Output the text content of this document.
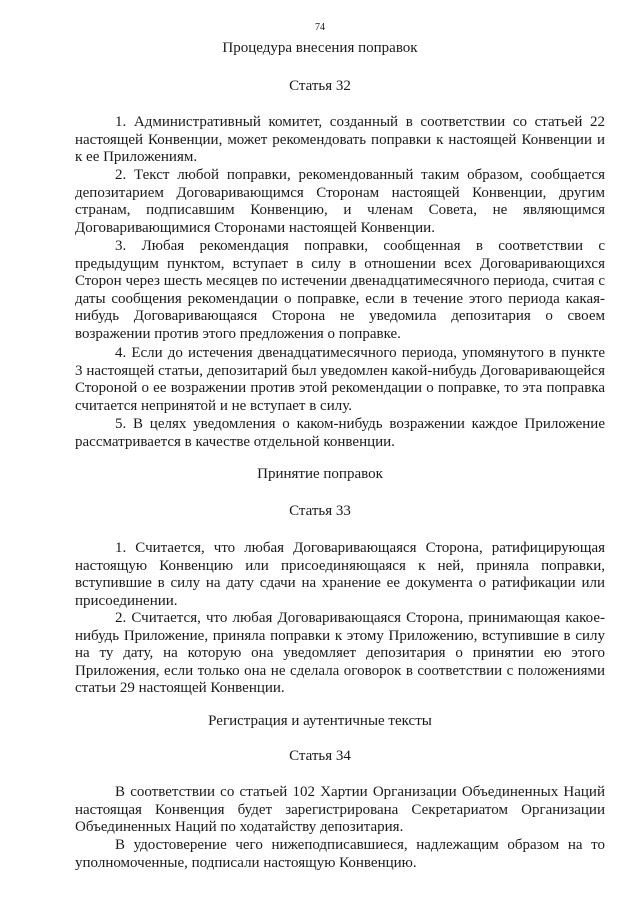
74
Процедура внесения поправок
Статья 32
1. Административный комитет, созданный в соответствии со статьей 22 настоящей Конвенции, может рекомендовать поправки к настоящей Конвенции и к ее Приложениям.
2. Текст любой поправки, рекомендованный таким образом, сообщается депозитарием Договаривающимся Сторонам настоящей Конвенции, другим странам, подписавшим Конвенцию, и членам Совета, не являющимся Договаривающимися Сторонами настоящей Конвенции.
3. Любая рекомендация поправки, сообщенная в соответствии с предыдущим пунктом, вступает в силу в отношении всех Договаривающихся Сторон через шесть месяцев по истечении двенадцатимесячного периода, считая с даты сообщения рекомендации о поправке, если в течение этого периода какая-нибудь Договаривающаяся Сторона не уведомила депозитария о своем возражении против этого предложения о поправке.
4. Если до истечения двенадцатимесячного периода, упомянутого в пункте 3 настоящей статьи, депозитарий был уведомлен какой-нибудь Договаривающейся Стороной о ее возражении против этой рекомендации о поправке, то эта поправка считается непринятой и не вступает в силу.
5. В целях уведомления о каком-нибудь возражении каждое Приложение рассматривается в качестве отдельной конвенции.
Принятие поправок
Статья 33
1. Считается, что любая Договаривающаяся Сторона, ратифицирующая настоящую Конвенцию или присоединяющаяся к ней, приняла поправки, вступившие в силу на дату сдачи на хранение ее документа о ратификации или присоединении.
2. Считается, что любая Договаривающаяся Сторона, принимающая какое-нибудь Приложение, приняла поправки к этому Приложению, вступившие в силу на ту дату, на которую она уведомляет депозитария о принятии ею этого Приложения, если только она не сделала оговорок в соответствии с положениями статьи 29 настоящей Конвенции.
Регистрация и аутентичные тексты
Статья 34
В соответствии со статьей 102 Хартии Организации Объединенных Наций настоящая Конвенция будет зарегистрирована Секретариатом Организации Объединенных Наций по ходатайству депозитария.
В удостоверение чего нижеподписавшиеся, надлежащим образом на то уполномоченные, подписали настоящую Конвенцию.
